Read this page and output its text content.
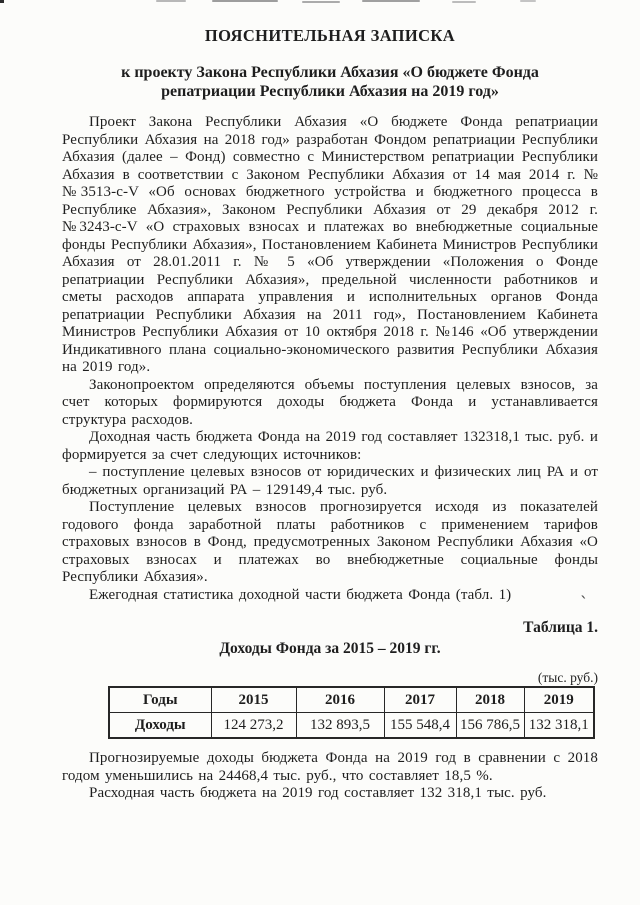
`
ПОЯСНИТЕЛЬНАЯ ЗАПИСКА
к проекту Закона Республики Абхазия «О бюджете Фонда репатриации Республики Абхазия на 2019 год»

Проект Закона Республики Абхазия «О бюджете Фонда репатриации Республики Абхазия на 2018 год» разработан Фондом репатриации Республики Абхазия (далее – Фонд) совместно с Министерством репатриации Республики Абхазия в соответствии с Законом Республики Абхазия от 14 мая 2014 г. № №3513-с-V «Об основах бюджетного устройства и бюджетного процесса в Республике Абхазия», Законом Республики Абхазия от 29 декабря 2012 г. №3243-с-V «О страховых взносах и платежах во внебюджетные социальные фонды Республики Абхазия», Постановлением Кабинета Министров Республики Абхазия от 28.01.2011 г. № 5 «Об утверждении «Положения о Фонде репатриации Республики Абхазия», предельной численности работников и сметы расходов аппарата управления и исполнительных органов Фонда репатриации Республики Абхазия на 2011 год», Постановлением Кабинета Министров Республики Абхазия от 10 октября 2018 г. №146 «Об утверждении Индикативного плана социально-экономического развития Республики Абхазия на 2019 год».

Законопроектом определяются объемы поступления целевых взносов, за счет которых формируются доходы бюджета Фонда и устанавливается структура расходов.

Доходная часть бюджета Фонда на 2019 год составляет 132318,1 тыс. руб. и формируется за счет следующих источников:

– поступление целевых взносов от юридических и физических лиц РА и от бюджетных организаций РА – 129149,4 тыс. руб.

Поступление целевых взносов прогнозируется исходя из показателей годового фонда заработной платы работников с применением тарифов страховых взносов в Фонд, предусмотренных Законом Республики Абхазия «О страховых взносах и платежах во внебюджетные социальные фонды Республики Абхазия».

Ежегодная статистика доходной части бюджета Фонда (табл. 1)

Таблица 1.
Доходы Фонда за 2015 – 2019 гг.
(тыс. руб.)
Годы	2015	2016	2017	2018	2019
Доходы	124 273,2	132 893,5	155 548,4	156 786,5	132 318,1

Прогнозируемые доходы бюджета Фонда на 2019 год в сравнении с 2018 годом уменьшились на 24468,4 тыс. руб., что составляет 18,5 %.

Расходная часть бюджета на 2019 год составляет 132 318,1 тыс. руб.
